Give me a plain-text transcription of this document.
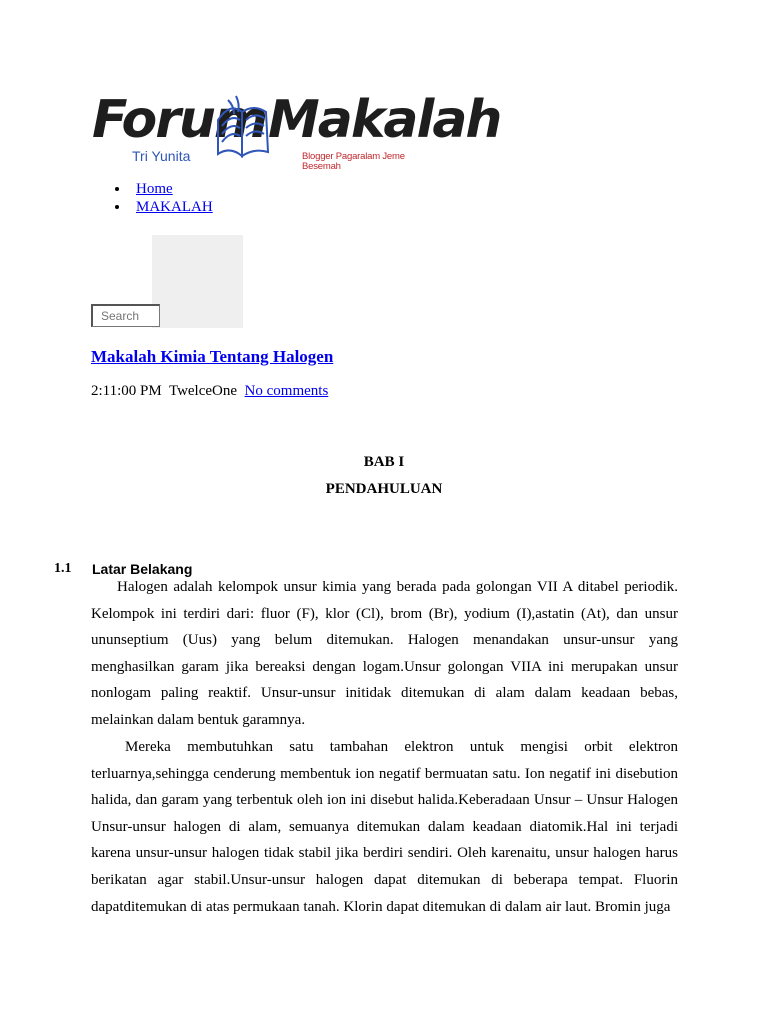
Forum Makalah
Tri Yunita	Blogger Pagaralam Jeme Besemah
Home
MAKALAH
Search
Makalah Kimia Tentang Halogen
2:11:00 PM TwelceOne No comments
BAB I
PENDAHULUAN
1.1 Latar Belakang
Halogen adalah kelompok unsur kimia yang berada pada golongan VII A ditabel periodik. Kelompok ini terdiri dari: fluor (F), klor (Cl), brom (Br), yodium (I),astatin (At), dan unsur ununseptium (Uus) yang belum ditemukan. Halogen menandakan unsur-unsur yang menghasilkan garam jika bereaksi dengan logam.Unsur golongan VIIA ini merupakan unsur nonlogam paling reaktif. Unsur-unsur initidak ditemukan di alam dalam keadaan bebas, melainkan dalam bentuk garamnya.
Mereka membutuhkan satu tambahan elektron untuk mengisi orbit elektron terluarnya,sehingga cenderung membentuk ion negatif bermuatan satu. Ion negatif ini disebution halida, dan garam yang terbentuk oleh ion ini disebut halida.Keberadaan Unsur – Unsur Halogen Unsur-unsur halogen di alam, semuanya ditemukan dalam keadaan diatomik.Hal ini terjadi karena unsur-unsur halogen tidak stabil jika berdiri sendiri. Oleh karenaitu, unsur halogen harus berikatan agar stabil.Unsur-unsur halogen dapat ditemukan di beberapa tempat. Fluorin dapatditemukan di atas permukaan tanah. Klorin dapat ditemukan di dalam air laut. Bromin juga
